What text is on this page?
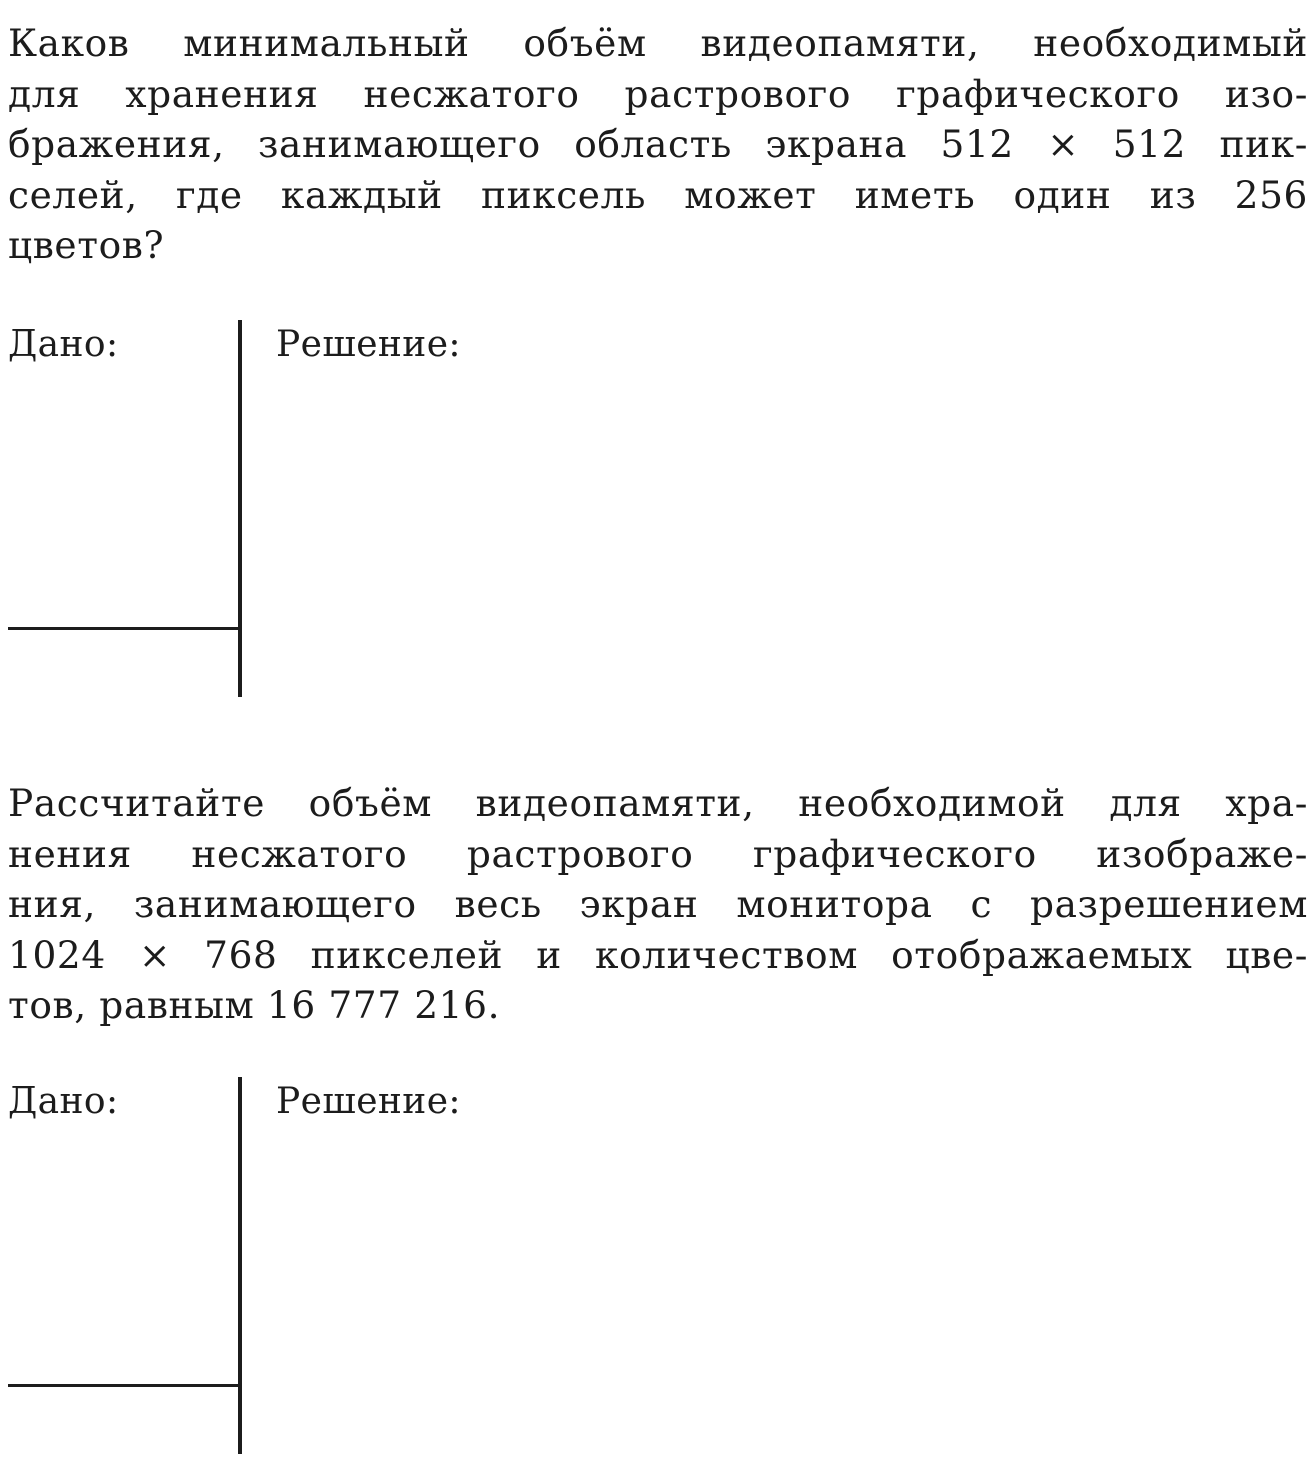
Каков минимальный объём видеопамяти, необходимый
для хранения несжатого растрового графического изо-
бражения, занимающего область экрана 512 × 512 пик-
селей, где каждый пиксель может иметь один из 256
цветов?
Дано:	Решение:
Рассчитайте объём видеопамяти, необходимой для хра-
нения несжатого растрового графического изображе-
ния, занимающего весь экран монитора с разрешением
1024 × 768 пикселей и количеством отображаемых цве-
тов, равным 16 777 216.
Дано:	Решение:
